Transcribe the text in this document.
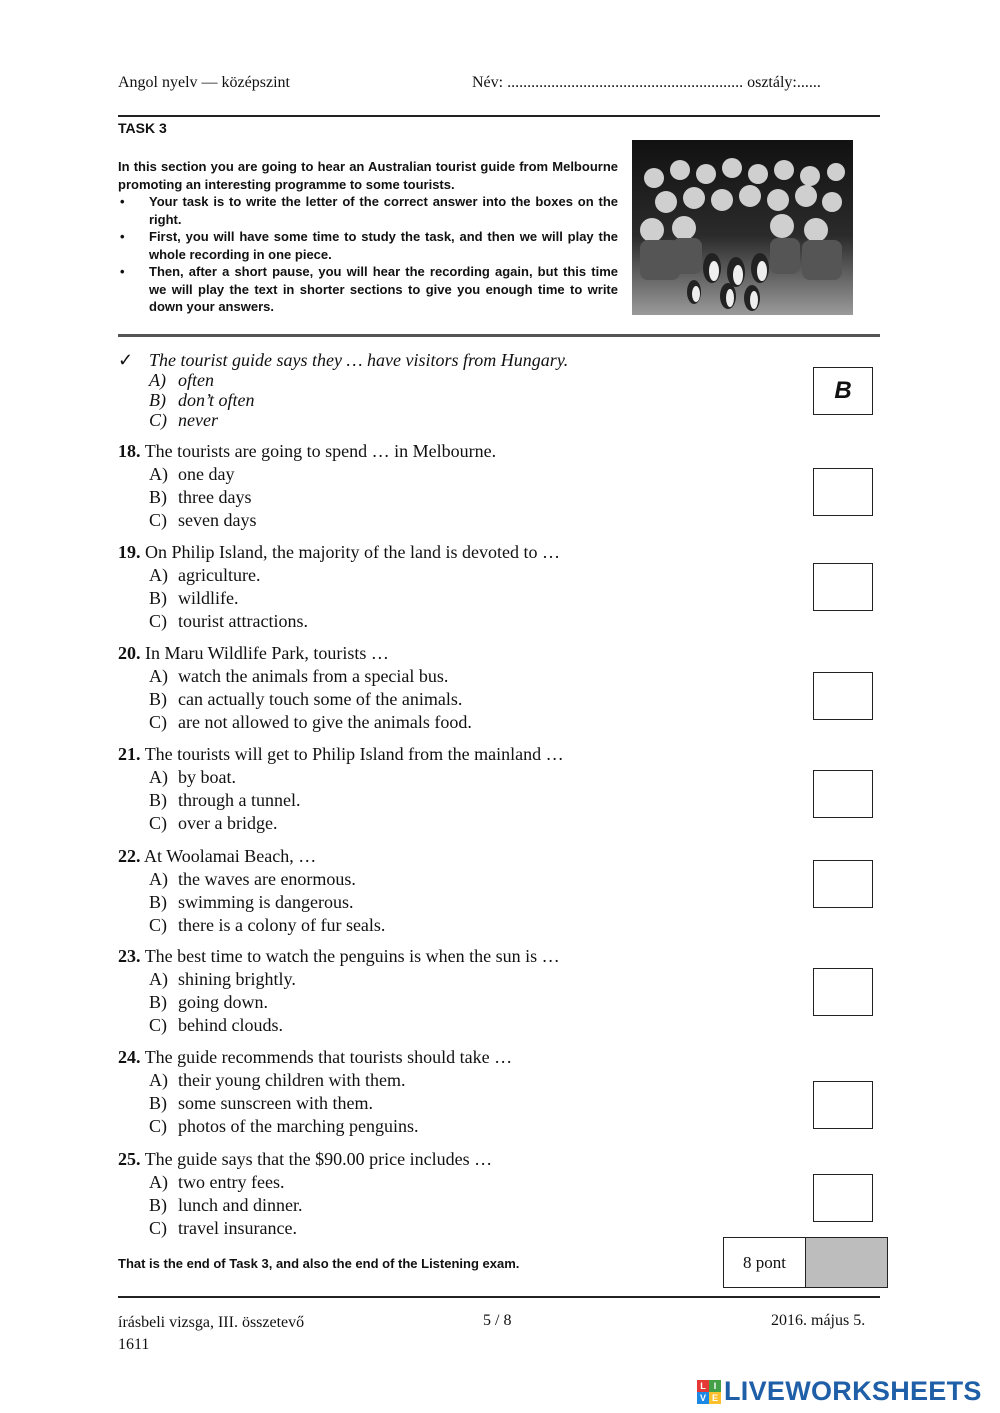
Angol nyelv — középszint	Név: ........................................................... osztály:......
TASK 3

In this section you are going to hear an Australian tourist guide from Melbourne promoting an interesting programme to some tourists.

• Your task is to write the letter of the correct answer into the boxes on the right.
• First, you will have some time to study the task, and then we will play the whole recording in one piece.
• Then, after a short pause, you will hear the recording again, but this time we will play the text in shorter sections to give you enough time to write down your answers.
✓ The tourist guide says they … have visitors from Hungary.
A) often
B) don’t often
C) never
B
18. The tourists are going to spend … in Melbourne.
A) one day
B) three days
C) seven days
19. On Philip Island, the majority of the land is devoted to …
A) agriculture.
B) wildlife.
C) tourist attractions.
20. In Maru Wildlife Park, tourists …
A) watch the animals from a special bus.
B) can actually touch some of the animals.
C) are not allowed to give the animals food.
21. The tourists will get to Philip Island from the mainland …
A) by boat.
B) through a tunnel.
C) over a bridge.
22. At Woolamai Beach, …
A) the waves are enormous.
B) swimming is dangerous.
C) there is a colony of fur seals.
23. The best time to watch the penguins is when the sun is …
A) shining brightly.
B) going down.
C) behind clouds.
24. The guide recommends that tourists should take …
A) their young children with them.
B) some sunscreen with them.
C) photos of the marching penguins.
25. The guide says that the $90.00 price includes …
A) two entry fees.
B) lunch and dinner.
C) travel insurance.
That is the end of Task 3, and also the end of the Listening exam.	8 pont
írásbeli vizsga, III. összetevő
1611
5 / 8	2016. május 5.
L I
V E LIVEWORKSHEETS
